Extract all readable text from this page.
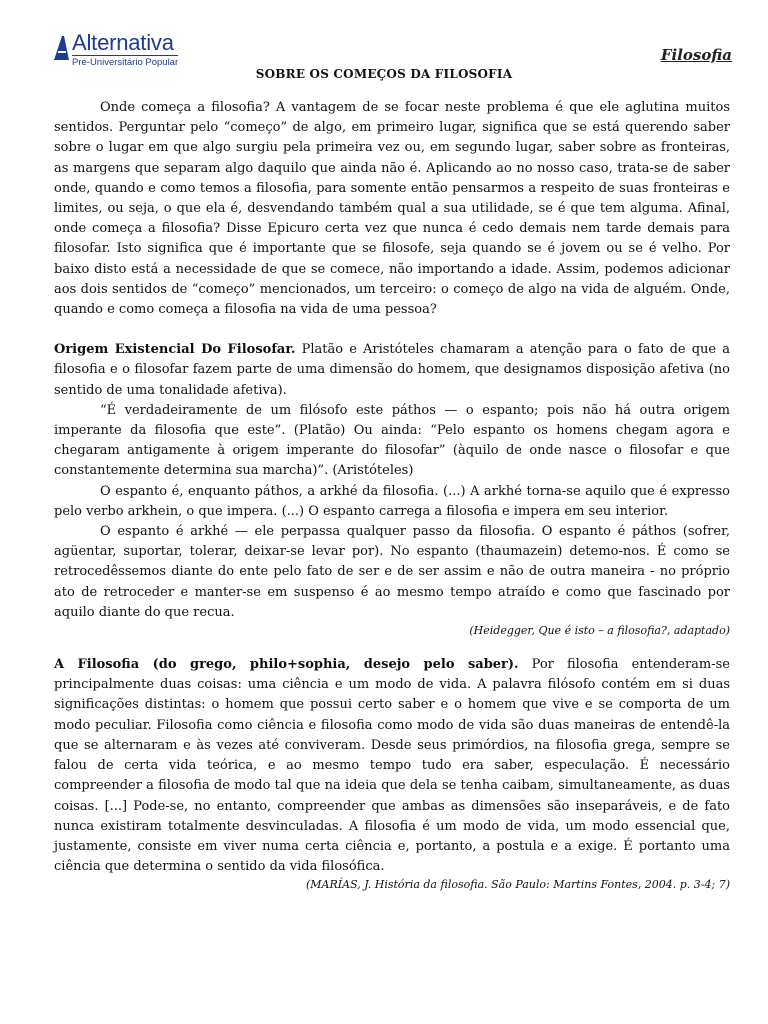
Alternativa
Pré-Universitário Popular	Filosofia
SOBRE OS COMEÇOS DA FILOSOFIA

Onde começa a filosofia? A vantagem de se focar neste problema é que ele aglutina muitos sentidos. Perguntar pelo “começo” de algo, em primeiro lugar, significa que se está querendo saber sobre o lugar em que algo surgiu pela primeira vez ou, em segundo lugar, saber sobre as fronteiras, as margens que separam algo daquilo que ainda não é. Aplicando ao no nosso caso, trata-se de saber onde, quando e como temos a filosofia, para somente então pensarmos a respeito de suas fronteiras e limites, ou seja, o que ela é, desvendando também qual a sua utilidade, se é que tem alguma. Afinal, onde começa a filosofia? Disse Epicuro certa vez que nunca é cedo demais nem tarde demais para filosofar. Isto significa que é importante que se filosofe, seja quando se é jovem ou se é velho. Por baixo disto está a necessidade de que se comece, não importando a idade. Assim, podemos adicionar aos dois sentidos de “começo” mencionados, um terceiro: o começo de algo na vida de alguém. Onde, quando e como começa a filosofia na vida de uma pessoa?

Origem Existencial Do Filosofar. Platão e Aristóteles chamaram a atenção para o fato de que a filosofia e o filosofar fazem parte de uma dimensão do homem, que designamos disposição afetiva (no sentido de uma tonalidade afetiva).

“É verdadeiramente de um filósofo este páthos — o espanto; pois não há outra origem imperante da filosofia que este”. (Platão) Ou ainda: “Pelo espanto os homens chegam agora e chegaram antigamente à origem imperante do filosofar” (àquilo de onde nasce o filosofar e que constantemente determina sua marcha)”. (Aristóteles)

O espanto é, enquanto páthos, a arkhé da filosofia. (...) A arkhé torna-se aquilo que é expresso pelo verbo arkhein, o que impera. (...) O espanto carrega a filosofia e impera em seu interior.

O espanto é arkhé — ele perpassa qualquer passo da filosofia. O espanto é páthos (sofrer, agüentar, suportar, tolerar, deixar-se levar por). No espanto (thaumazein) detemo-nos. É como se retrocedêssemos diante do ente pelo fato de ser e de ser assim e não de outra maneira - no próprio ato de retroceder e manter-se em suspenso é ao mesmo tempo atraído e como que fascinado por aquilo diante do que recua.

(Heidegger, Que é isto – a filosofia?, adaptado)

A Filosofia (do grego, philo+sophia, desejo pelo saber). Por filosofia entenderam-se principalmente duas coisas: uma ciência e um modo de vida. A palavra filósofo contém em si duas significações distintas: o homem que possui certo saber e o homem que vive e se comporta de um modo peculiar. Filosofia como ciência e filosofia como modo de vida são duas maneiras de entendê-la que se alternaram e às vezes até conviveram. Desde seus primórdios, na filosofia grega, sempre se falou de certa vida teórica, e ao mesmo tempo tudo era saber, especulação. É necessário compreender a filosofia de modo tal que na ideia que dela se tenha caibam, simultaneamente, as duas coisas. [...] Pode-se, no entanto, compreender que ambas as dimensões são inseparáveis, e de fato nunca existiram totalmente desvinculadas. A filosofia é um modo de vida, um modo essencial que, justamente, consiste em viver numa certa ciência e, portanto, a postula e a exige. É portanto uma ciência que determina o sentido da vida filosófica.

(MARÍAS, J. História da filosofia. São Paulo: Martins Fontes, 2004. p. 3-4; 7)
